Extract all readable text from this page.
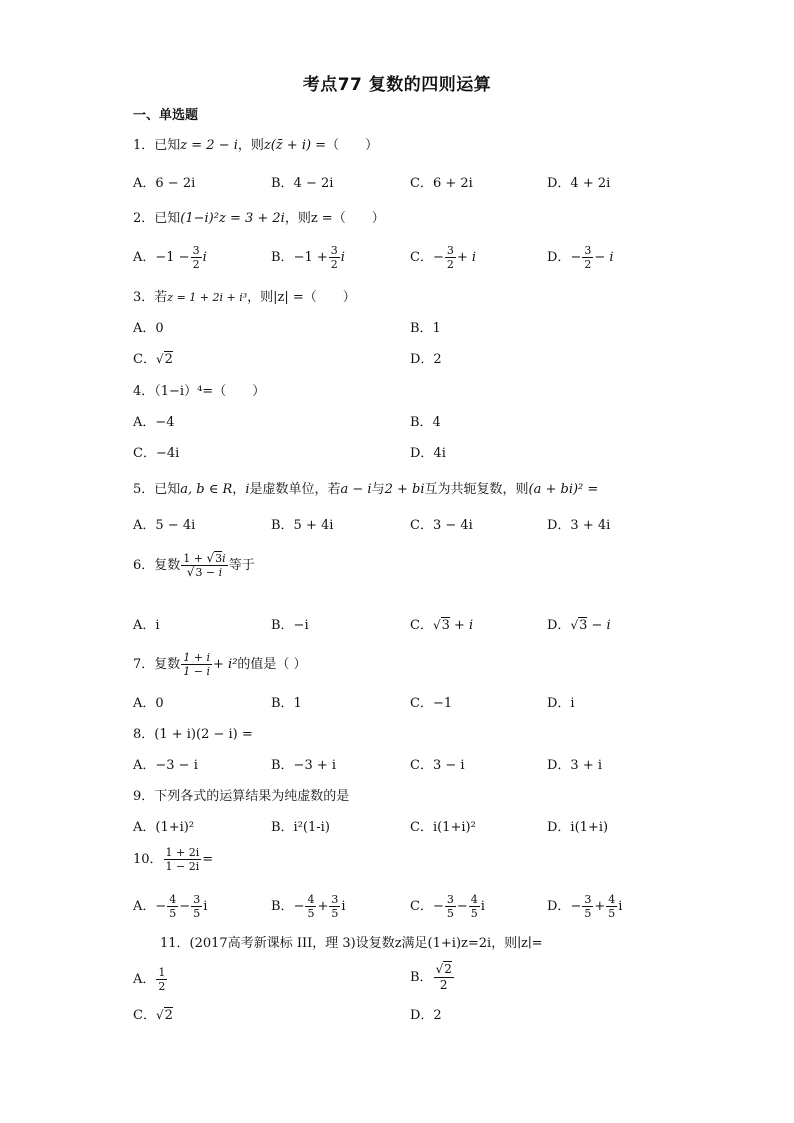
考点77 复数的四则运算
一、单选题
1．已知z = 2 − i，则z(z̄ + i) =（　　）
A．6 − 2i	B．4 − 2i	C．6 + 2i	D．4 + 2i
2．已知(1−i)²z = 3 + 2i，则z =（　　）
A．$-1 - \frac{3}{2}$ i	B．$-1 + \frac{3}{2}$ i	C．− $\frac{3}{2} + i$	D．− $\frac{3}{2} - i$
3．若z = 1 + 2i + i³，则|z| =（　　）
A．0	B．1
C．√2	D．2
4．（1−i）⁴=（　　）
A．−4	B．4
C．−4i	D．4i
5．已知a, b ∈ R，i是虚数单位，若a − i与2 + bi互为共轭复数，则(a + bi)² =
A．5 − 4i	B．5 + 4i	C．3 − 4i	D．3 + 4i
6．复数 $\frac{1 + √3i}{√3 - i}$ 等于
A．i	B．−i	C．√3 + i	D．√3 − i
7．复数 $\frac{1 + i}{1 - i} + i^2$的值是（ ）
A．0	B．1	C．−1	D．i
8．(1 + i)(2 − i) =
A．−3 − i	B．−3 + i	C．3 − i	D．3 + i
9．下列各式的运算结果为纯虚数的是
A．(1+i)²	B．i²(1-i)	C．i(1+i)²	D．i(1+i)
10． $\frac{1 + 2i}{1 - 2i}$ =
A．− $\frac{4}{5} - \frac{3}{5}$ i	B．− $\frac{4}{5} + \frac{3}{5}$ i	C．− $\frac{3}{5} - \frac{4}{5}$ i	D．− $\frac{3}{5} + \frac{4}{5}$ i
11．(2017高考新课标 III，理 3)设复数z满足(1+i)z=2i，则∣z∣=
A． $\frac{1}{2}$	B． $\frac{√2}{2}$
C．√2	D．2
